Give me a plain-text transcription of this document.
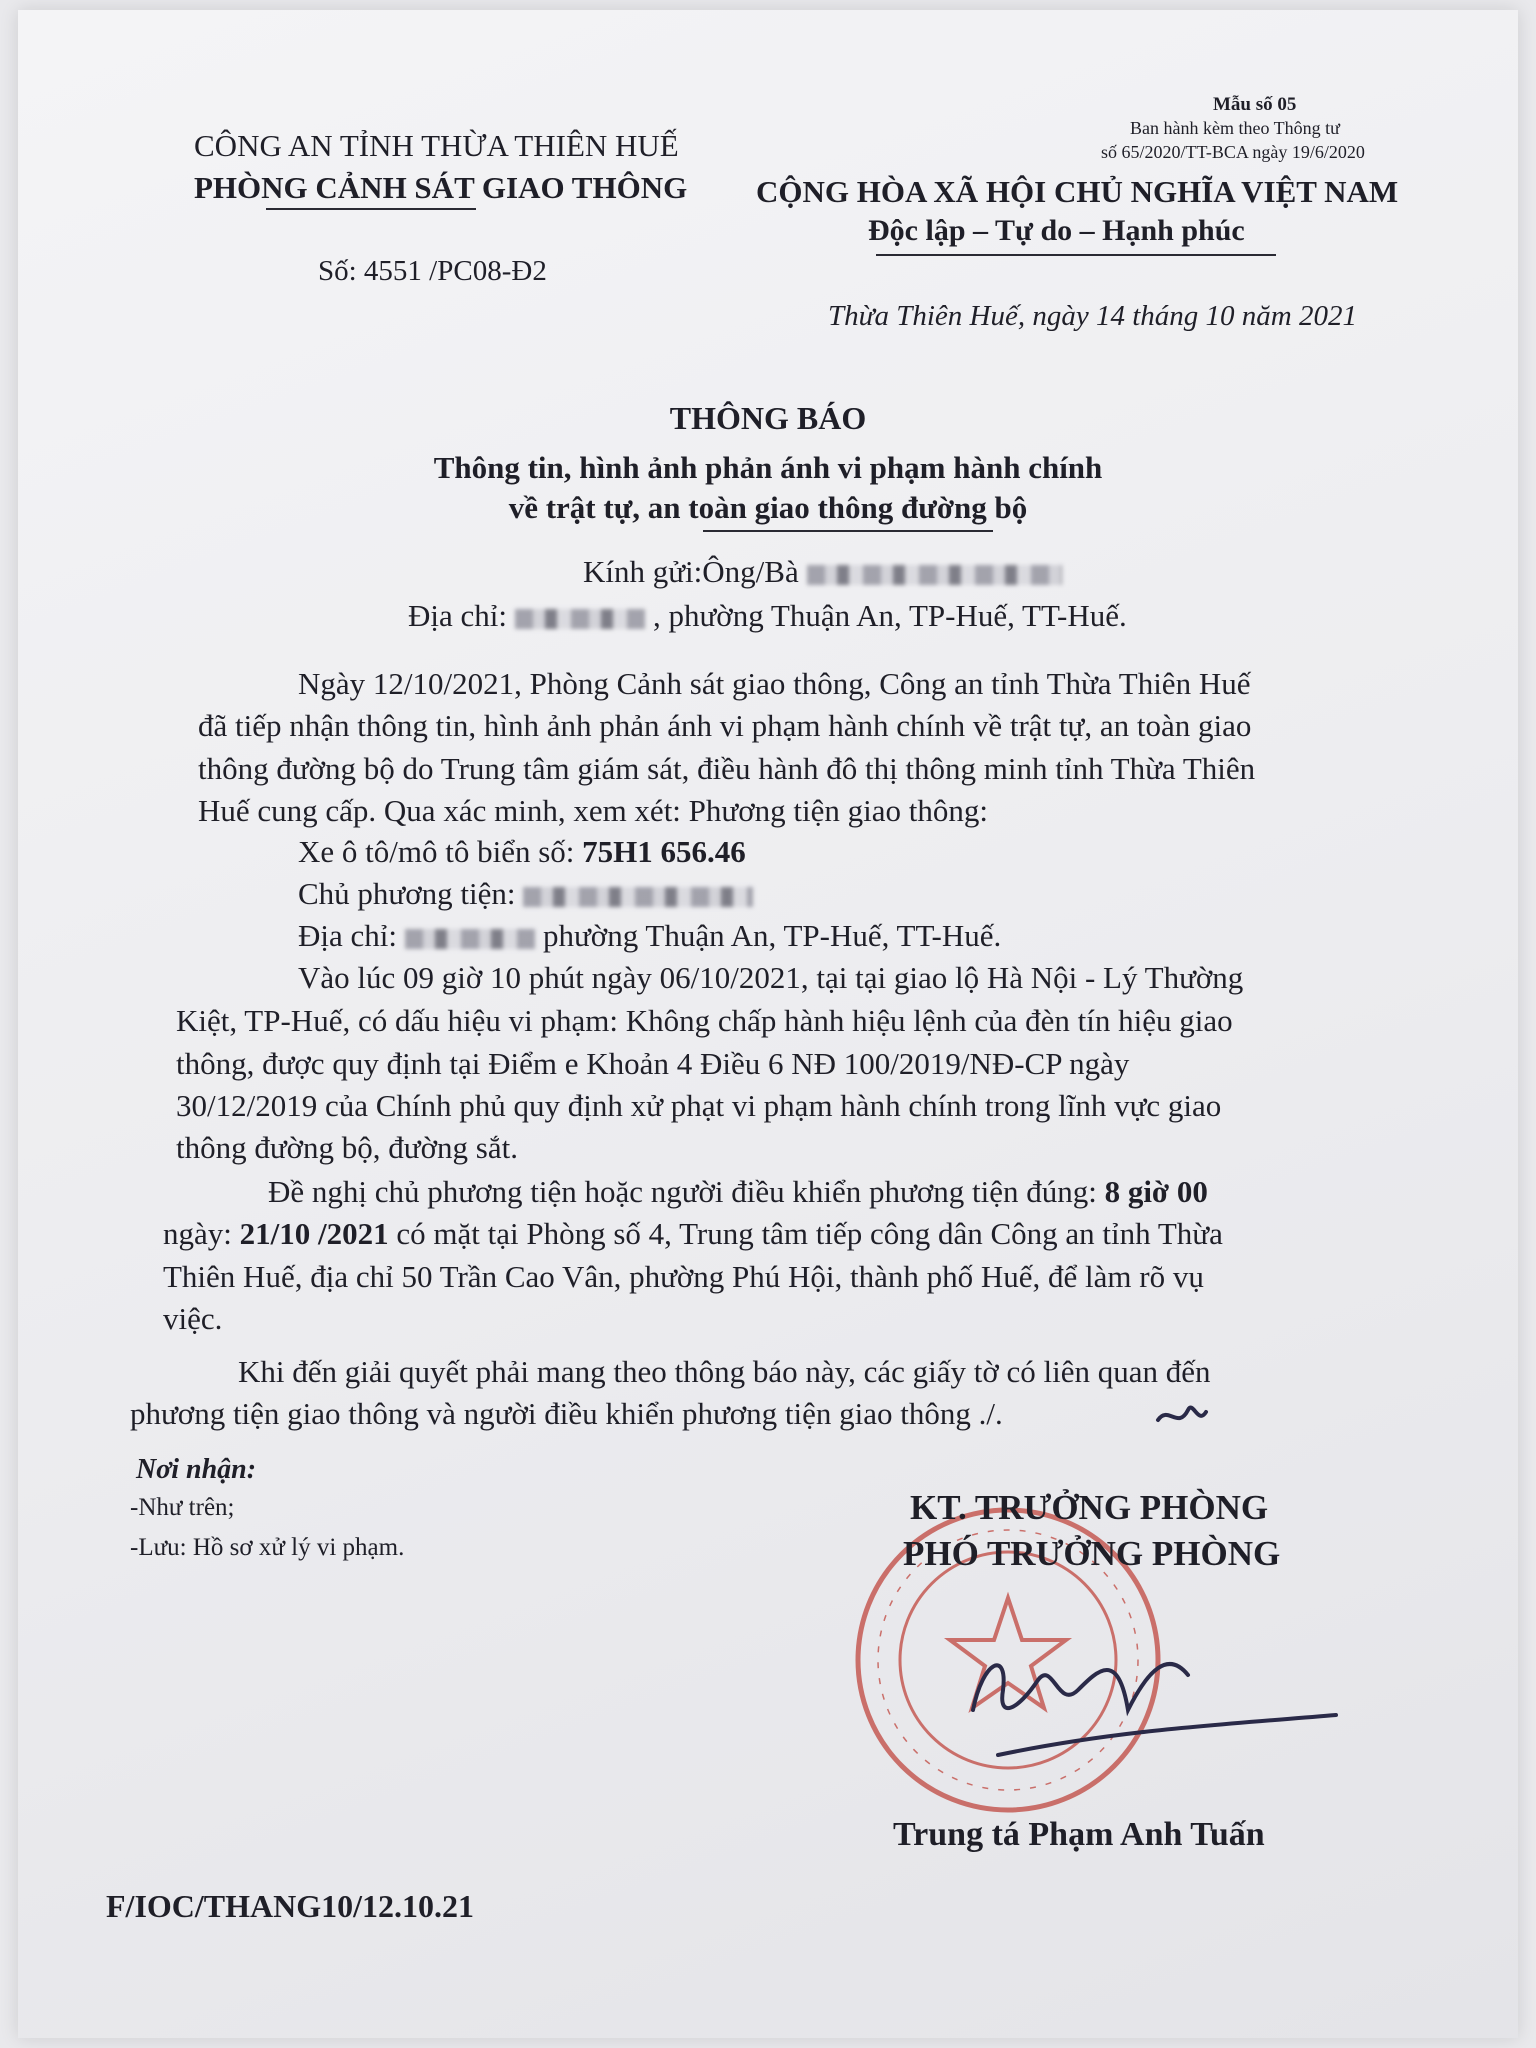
Mẫu số 05
Ban hành kèm theo Thông tư
số 65/2020/TT-BCA ngày 19/6/2020
CÔNG AN TỈNH THỪA THIÊN HUẾ
PHÒNG CẢNH SÁT GIAO THÔNG CỘNG HÒA XÃ HỘI CHỦ NGHĨA VIỆT NAM
Độc lập – Tự do – Hạnh phúc
Số: 4551 /PC08-Đ2
Thừa Thiên Huế, ngày 14 tháng 10 năm 2021
THÔNG BÁO
Thông tin, hình ảnh phản ánh vi phạm hành chính
về trật tự, an toàn giao thông đường bộ
Kính gửi:Ông/Bà
Địa chỉ:	, phường Thuận An, TP-Huế, TT-Huế.
Ngày 12/10/2021, Phòng Cảnh sát giao thông, Công an tỉnh Thừa Thiên Huế
đã tiếp nhận thông tin, hình ảnh phản ánh vi phạm hành chính về trật tự, an toàn giao
thông đường bộ do Trung tâm giám sát, điều hành đô thị thông minh tỉnh Thừa Thiên
Huế cung cấp. Qua xác minh, xem xét: Phương tiện giao thông:
Xe ô tô/mô tô biển số: 75H1 656.46
Chủ phương tiện:
Địa chỉ:	phường Thuận An, TP-Huế, TT-Huế.
Vào lúc 09 giờ 10 phút ngày 06/10/2021, tại tại giao lộ Hà Nội - Lý Thường
Kiệt, TP-Huế, có dấu hiệu vi phạm: Không chấp hành hiệu lệnh của đèn tín hiệu giao
thông, được quy định tại Điểm e Khoản 4 Điều 6 NĐ 100/2019/NĐ-CP ngày
30/12/2019 của Chính phủ quy định xử phạt vi phạm hành chính trong lĩnh vực giao
thông đường bộ, đường sắt.
Đề nghị chủ phương tiện hoặc người điều khiển phương tiện đúng: 8 giờ 00
ngày: 21/10 /2021 có mặt tại Phòng số 4, Trung tâm tiếp công dân Công an tỉnh Thừa
Thiên Huế, địa chỉ 50 Trần Cao Vân, phường Phú Hội, thành phố Huế, để làm rõ vụ
việc.
Khi đến giải quyết phải mang theo thông báo này, các giấy tờ có liên quan đến
phương tiện giao thông và người điều khiển phương tiện giao thông ./.
Nơi nhận:
-Như trên;
-Lưu: Hồ sơ xử lý vi phạm.
KT. TRƯỞNG PHÒNG
PHÓ TRƯỞNG PHÒNG
Trung tá Phạm Anh Tuấn
F/IOC/THANG10/12.10.21
